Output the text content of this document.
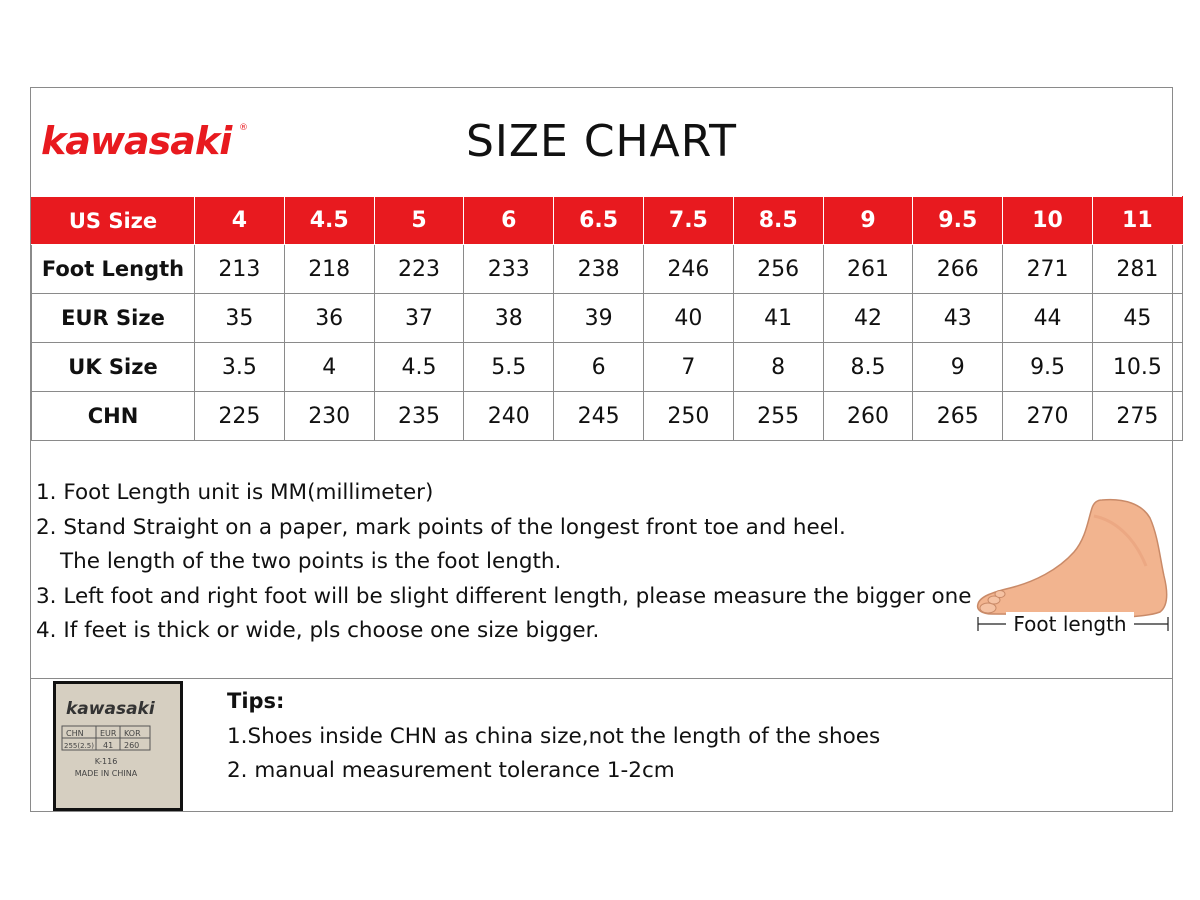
kawasaki ®	SIZE CHART
US Size	4	4.5	5	6	6.5	7.5	8.5	9	9.5	10	11
Foot Length	213	218	223	233	238	246	256	261	266	271	281
EUR Size	35	36	37	38	39	40	41	42	43	44	45
UK Size	3.5	4	4.5	5.5	6	7	8	8.5	9	9.5	10.5
CHN	225	230	235	240	245	250	255	260	265	270	275
1. Foot Length unit is MM(millimeter)
2. Stand Straight on a paper, mark points of the longest front toe and heel.
The length of the two points is the foot length.
3. Left foot and right foot will be slight different length, please measure the bigger one
4. If feet is thick or wide, pls choose one size bigger.	Foot length
kawasaki
CHN EUR KOR
255(2.5) 41 260
K-116
MADE IN CHINA
Tips:
1.Shoes inside CHN as china size,not the length of the shoes
2. manual measurement tolerance 1-2cm
